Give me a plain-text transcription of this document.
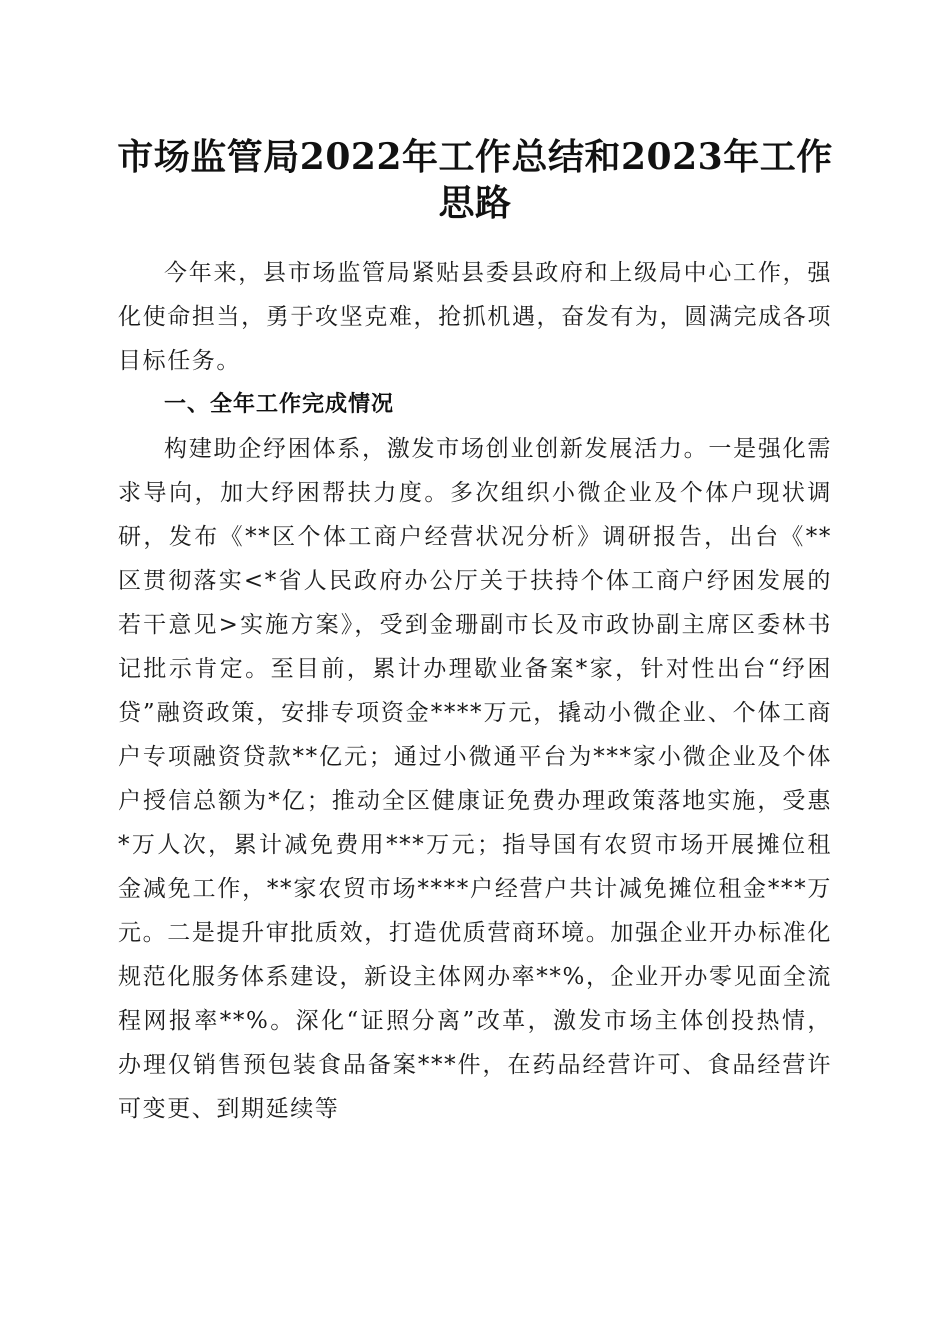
市场监管局2022年工作总结和2023年工作思路

今年来，县市场监管局紧贴县委县政府和上级局中心工作，强化使命担当，勇于攻坚克难，抢抓机遇，奋发有为，圆满完成各项目标任务。

一、全年工作完成情况

构建助企纾困体系，激发市场创业创新发展活力。一是强化需求导向，加大纾困帮扶力度。多次组织小微企业及个体户现状调研，发布《**区个体工商户经营状况分析》调研报告，出台《**区贯彻落实<*省人民政府办公厅关于扶持个体工商户纾困发展的若干意见>实施方案》，受到金珊副市长及市政协副主席区委林书记批示肯定。至目前，累计办理歇业备案*家，针对性出台“纾困贷”融资政策，安排专项资金****万元，撬动小微企业、个体工商户专项融资贷款**亿元；通过小微通平台为***家小微企业及个体户授信总额为*亿；推动全区健康证免费办理政策落地实施，受惠*万人次，累计减免费用***万元；指导国有农贸市场开展摊位租金减免工作，**家农贸市场****户经营户共计减免摊位租金***万元。二是提升审批质效，打造优质营商环境。加强企业开办标准化规范化服务体系建设，新设主体网办率**%，企业开办零见面全流程网报率**%。深化“证照分离”改革，激发市场主体创投热情，办理仅销售预包装食品备案***件，在药品经营许可、食品经营许可变更、到期延续等
